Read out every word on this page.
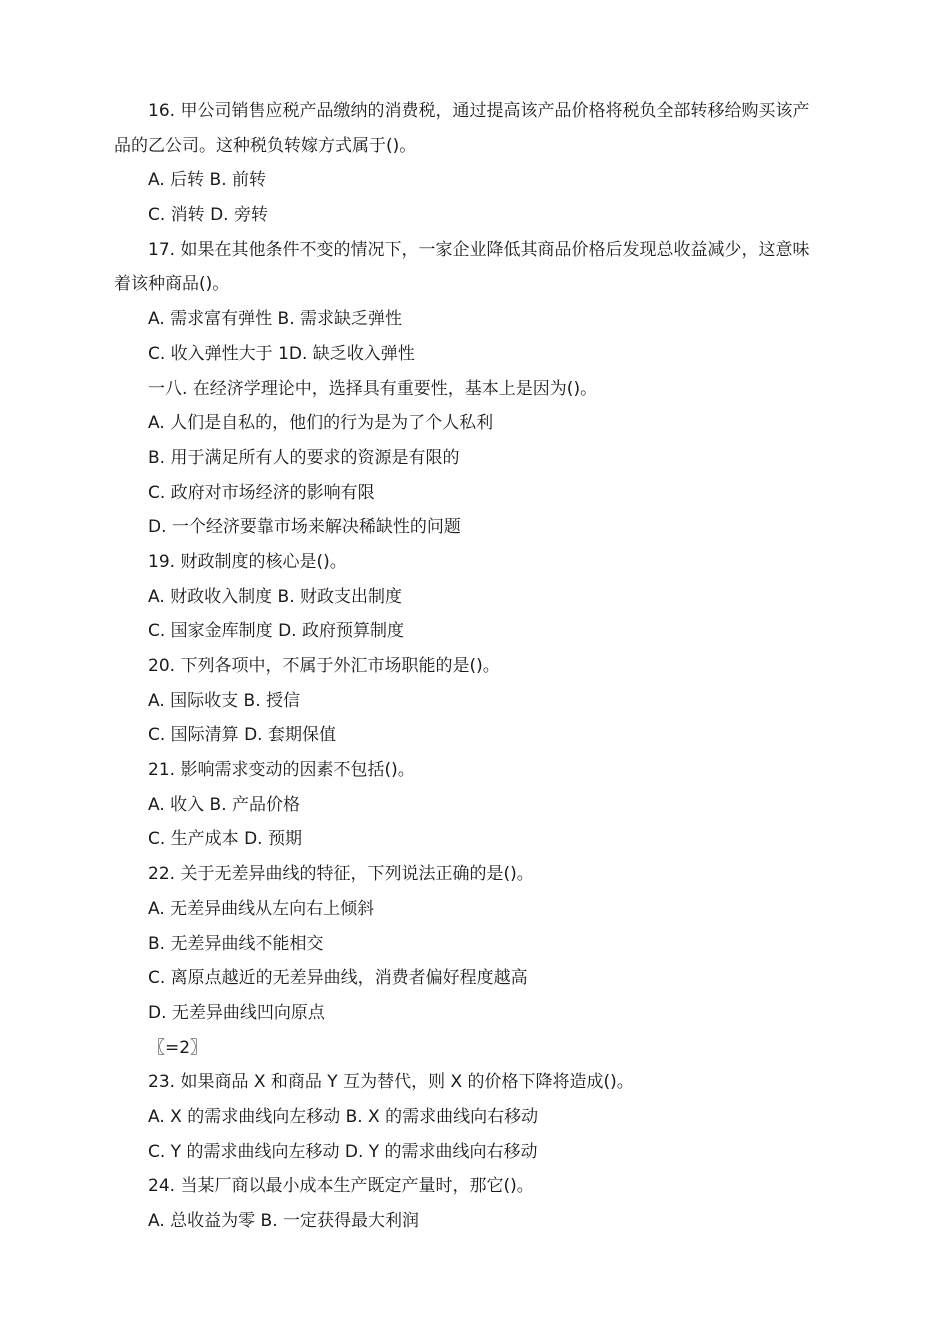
16. 甲公司销售应税产品缴纳的消费税，通过提高该产品价格将税负全部转移给购买该产
品的乙公司。这种税负转嫁方式属于()。
A. 后转 B. 前转
C. 消转 D. 旁转
17. 如果在其他条件不变的情况下，一家企业降低其商品价格后发现总收益减少，这意味
着该种商品()。
A. 需求富有弹性 B. 需求缺乏弹性
C. 收入弹性大于 1D. 缺乏收入弹性
一八. 在经济学理论中，选择具有重要性，基本上是因为()。
A. 人们是自私的，他们的行为是为了个人私利
B. 用于满足所有人的要求的资源是有限的
C. 政府对市场经济的影响有限
D. 一个经济要靠市场来解决稀缺性的问题
19. 财政制度的核心是()。
A. 财政收入制度 B. 财政支出制度
C. 国家金库制度 D. 政府预算制度
20. 下列各项中，不属于外汇市场职能的是()。
A. 国际收支 B. 授信
C. 国际清算 D. 套期保值
21. 影响需求变动的因素不包括()。
A. 收入 B. 产品价格
C. 生产成本 D. 预期
22. 关于无差异曲线的特征，下列说法正确的是()。
A. 无差异曲线从左向右上倾斜
B. 无差异曲线不能相交
C. 离原点越近的无差异曲线，消费者偏好程度越高
D. 无差异曲线凹向原点
〖=2〗
23. 如果商品 X 和商品 Y 互为替代，则 X 的价格下降将造成()。
A. X 的需求曲线向左移动 B. X 的需求曲线向右移动
C. Y 的需求曲线向左移动 D. Y 的需求曲线向右移动
24. 当某厂商以最小成本生产既定产量时，那它()。
A. 总收益为零 B. 一定获得最大利润
